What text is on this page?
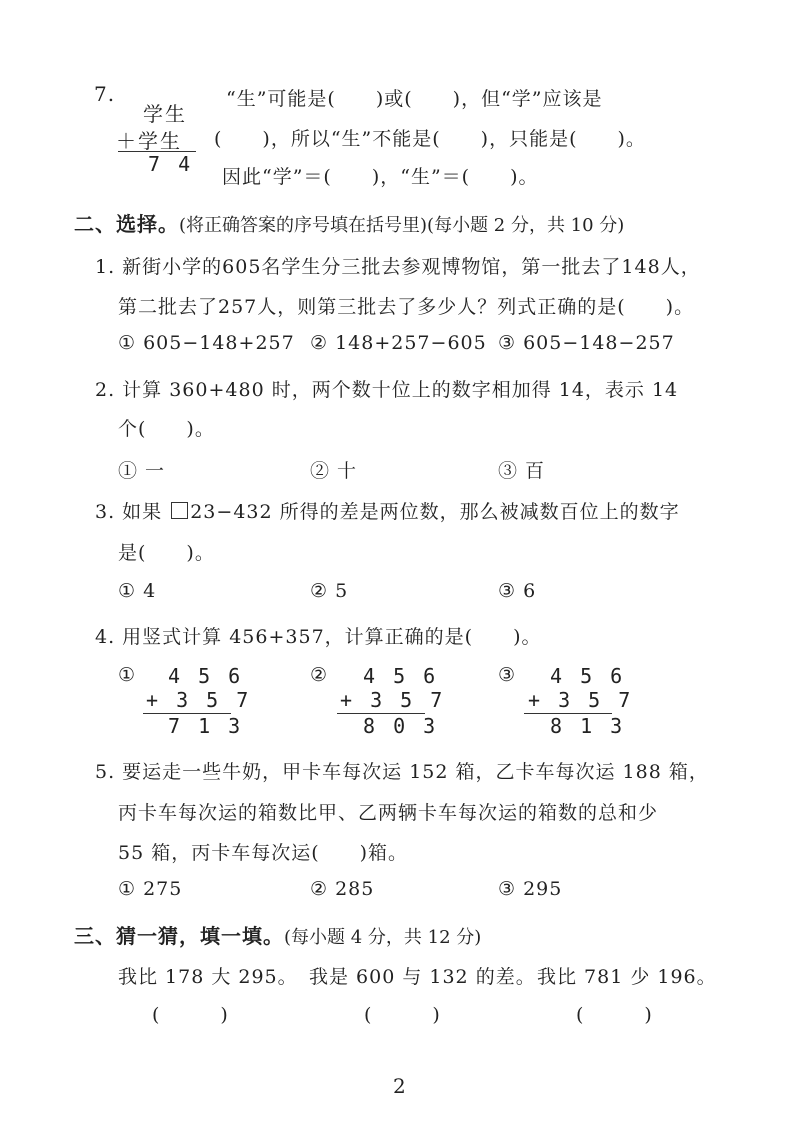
7.
学生
＋学生
7 4
“生”可能是(　　)或(　　)，但“学”应该是
(　　)，所以“生”不能是(　　)，只能是(　　)。
因此“学”＝(　　)，“生”＝(　　)。
二、选择。(将正确答案的序号填在括号里)(每小题 2 分，共 10 分)
1. 新街小学的605名学生分三批去参观博物馆，第一批去了148人，
第二批去了257人，则第三批去了多少人？列式正确的是(　　)。
① 605−148+257 ② 148+257−605 ③ 605−148−257
2. 计算 360+480 时，两个数十位上的数字相加得 14，表示 14
个(　　)。
① 一	② 十	③ 百
3. 如果 23−432 所得的差是两位数，那么被减数百位上的数字
是(　　)。
① 4	② 5	③ 6
4. 用竖式计算 456+357，计算正确的是(　　)。
① 4 5 6
+ 3 5 7
7 1 3
② 4 5 6
+ 3 5 7
8 0 3
③ 4 5 6
+ 3 5 7
8 1 3
5. 要运走一些牛奶，甲卡车每次运 152 箱，乙卡车每次运 188 箱，
丙卡车每次运的箱数比甲、乙两辆卡车每次运的箱数的总和少
55 箱，丙卡车每次运(　　)箱。
① 275	② 285	③ 295
三、猜一猜，填一填。(每小题 4 分，共 12 分)
我比 178 大 295。 我是 600 与 132 的差。 我比 781 少 196。
(　　　)	(　　　)	(　　　)
2
